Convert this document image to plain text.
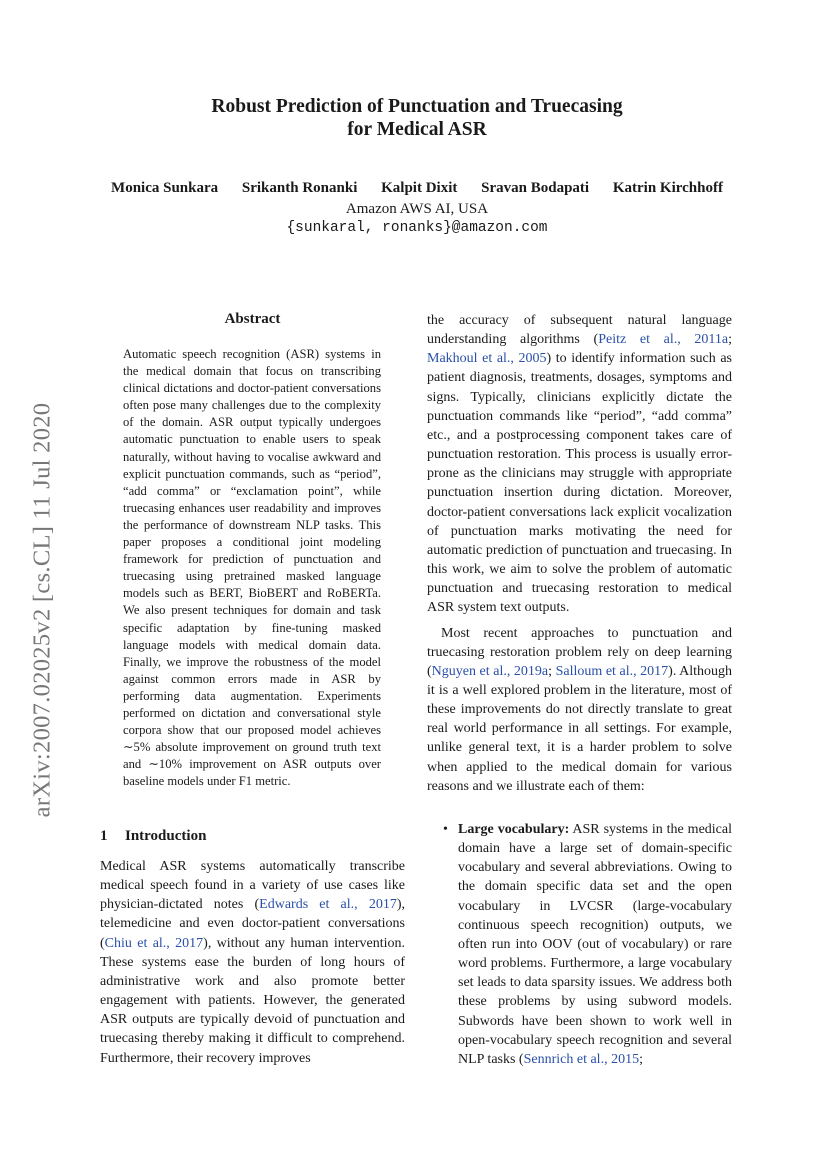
arXiv:2007.02025v2 [cs.CL] 11 Jul 2020
Robust Prediction of Punctuation and Truecasing
for Medical ASR
Monica Sunkara Srikanth Ronanki Kalpit Dixit Sravan Bodapati Katrin Kirchhoff
Amazon AWS AI, USA
{sunkaral, ronanks}@amazon.com
Abstract
Automatic speech recognition (ASR) systems in the medical domain that focus on transcribing clinical dictations and doctor-patient conversations often pose many challenges due to the complexity of the domain. ASR output typically undergoes automatic punctuation to enable users to speak naturally, without having to vocalise awkward and explicit punctuation commands, such as “period”, “add comma” or “exclamation point”, while truecasing enhances user readability and improves the performance of downstream NLP tasks. This paper proposes a conditional joint modeling framework for prediction of punctuation and truecasing using pretrained masked language models such as BERT, BioBERT and RoBERTa. We also present techniques for domain and task specific adaptation by fine-tuning masked language models with medical domain data. Finally, we improve the robustness of the model against common errors made in ASR by performing data augmentation. Experiments performed on dictation and conversational style corpora show that our proposed model achieves ∼5% absolute improvement on ground truth text and ∼10% improvement on ASR outputs over baseline models under F1 metric.
1 Introduction
Medical ASR systems automatically transcribe medical speech found in a variety of use cases like physician-dictated notes (Edwards et al., 2017), telemedicine and even doctor-patient conversations (Chiu et al., 2017), without any human intervention. These systems ease the burden of long hours of administrative work and also promote better engagement with patients. However, the generated ASR outputs are typically devoid of punctuation and truecasing thereby making it difficult to comprehend. Furthermore, their recovery improves

the accuracy of subsequent natural language understanding algorithms (Peitz et al., 2011a; Makhoul et al., 2005) to identify information such as patient diagnosis, treatments, dosages, symptoms and signs. Typically, clinicians explicitly dictate the punctuation commands like “period”, “add comma” etc., and a postprocessing component takes care of punctuation restoration. This process is usually error-prone as the clinicians may struggle with appropriate punctuation insertion during dictation. Moreover, doctor-patient conversations lack explicit vocalization of punctuation marks motivating the need for automatic prediction of punctuation and truecasing. In this work, we aim to solve the problem of automatic punctuation and truecasing restoration to medical ASR system text outputs.

Most recent approaches to punctuation and truecasing restoration problem rely on deep learning (Nguyen et al., 2019a; Salloum et al., 2017). Although it is a well explored problem in the literature, most of these improvements do not directly translate to great real world performance in all settings. For example, unlike general text, it is a harder problem to solve when applied to the medical domain for various reasons and we illustrate each of them:

• Large vocabulary: ASR systems in the medical domain have a large set of domain-specific vocabulary and several abbreviations. Owing to the domain specific data set and the open vocabulary in LVCSR (large-vocabulary continuous speech recognition) outputs, we often run into OOV (out of vocabulary) or rare word problems. Furthermore, a large vocabulary set leads to data sparsity issues. We address both these problems by using subword models. Subwords have been shown to work well in open-vocabulary speech recognition and several NLP tasks (Sennrich et al., 2015;
